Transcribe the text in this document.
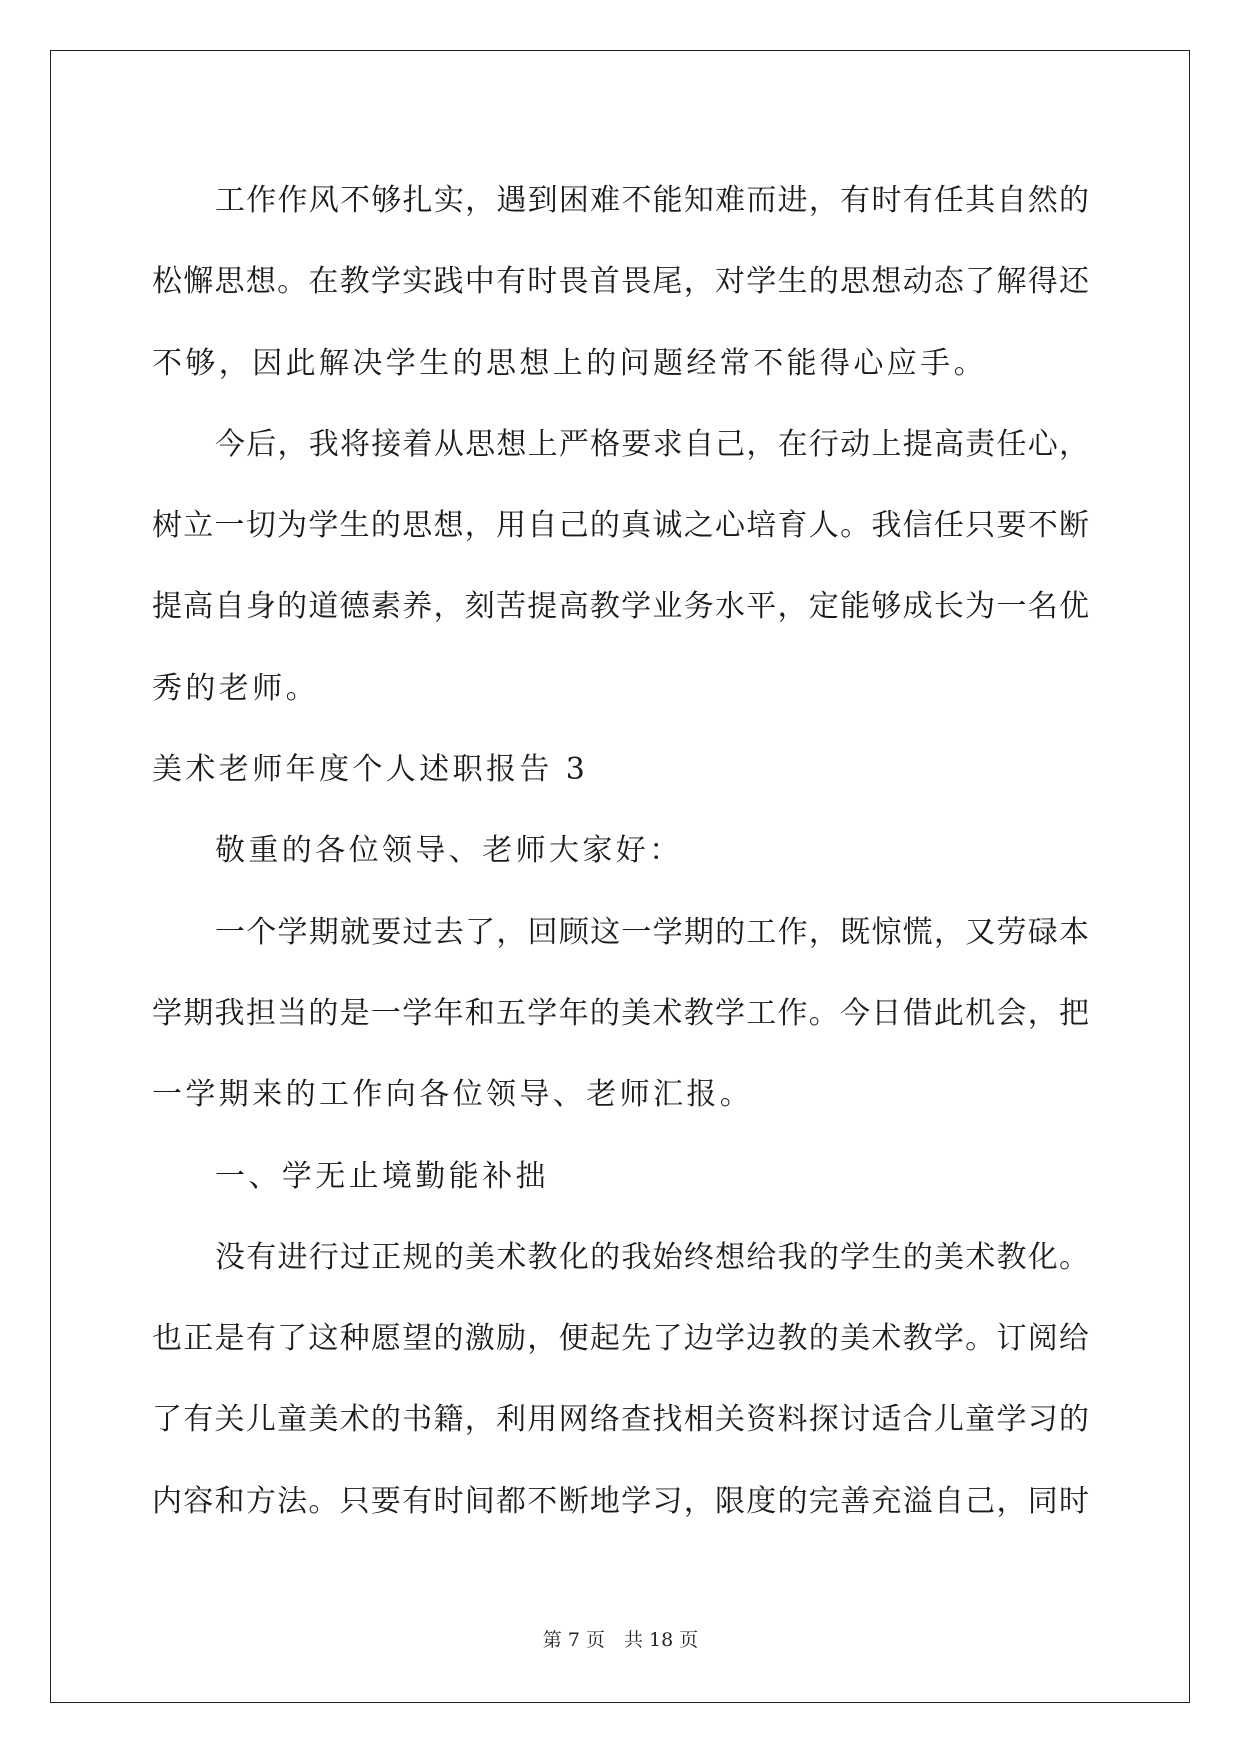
工作作风不够扎实，遇到困难不能知难而进，有时有任其自然的
松懈思想。在教学实践中有时畏首畏尾，对学生的思想动态了解得还
不够，因此解决学生的思想上的问题经常不能得心应手。
今后，我将接着从思想上严格要求自己，在行动上提高责任心，
树立一切为学生的思想，用自己的真诚之心培育人。我信任只要不断
提高自身的道德素养，刻苦提高教学业务水平，定能够成长为一名优
秀的老师。
美术老师年度个人述职报告 3
敬重的各位领导、老师大家好：
一个学期就要过去了，回顾这一学期的工作，既惊慌，又劳碌本
学期我担当的是一学年和五学年的美术教学工作。今日借此机会，把
一学期来的工作向各位领导、老师汇报。
一、学无止境勤能补拙
没有进行过正规的美术教化的我始终想给我的学生的美术教化。
也正是有了这种愿望的激励，便起先了边学边教的美术教学。订阅给
了有关儿童美术的书籍，利用网络查找相关资料探讨适合儿童学习的
内容和方法。只要有时间都不断地学习，限度的完善充溢自己，同时
第 7 页　共 18 页
